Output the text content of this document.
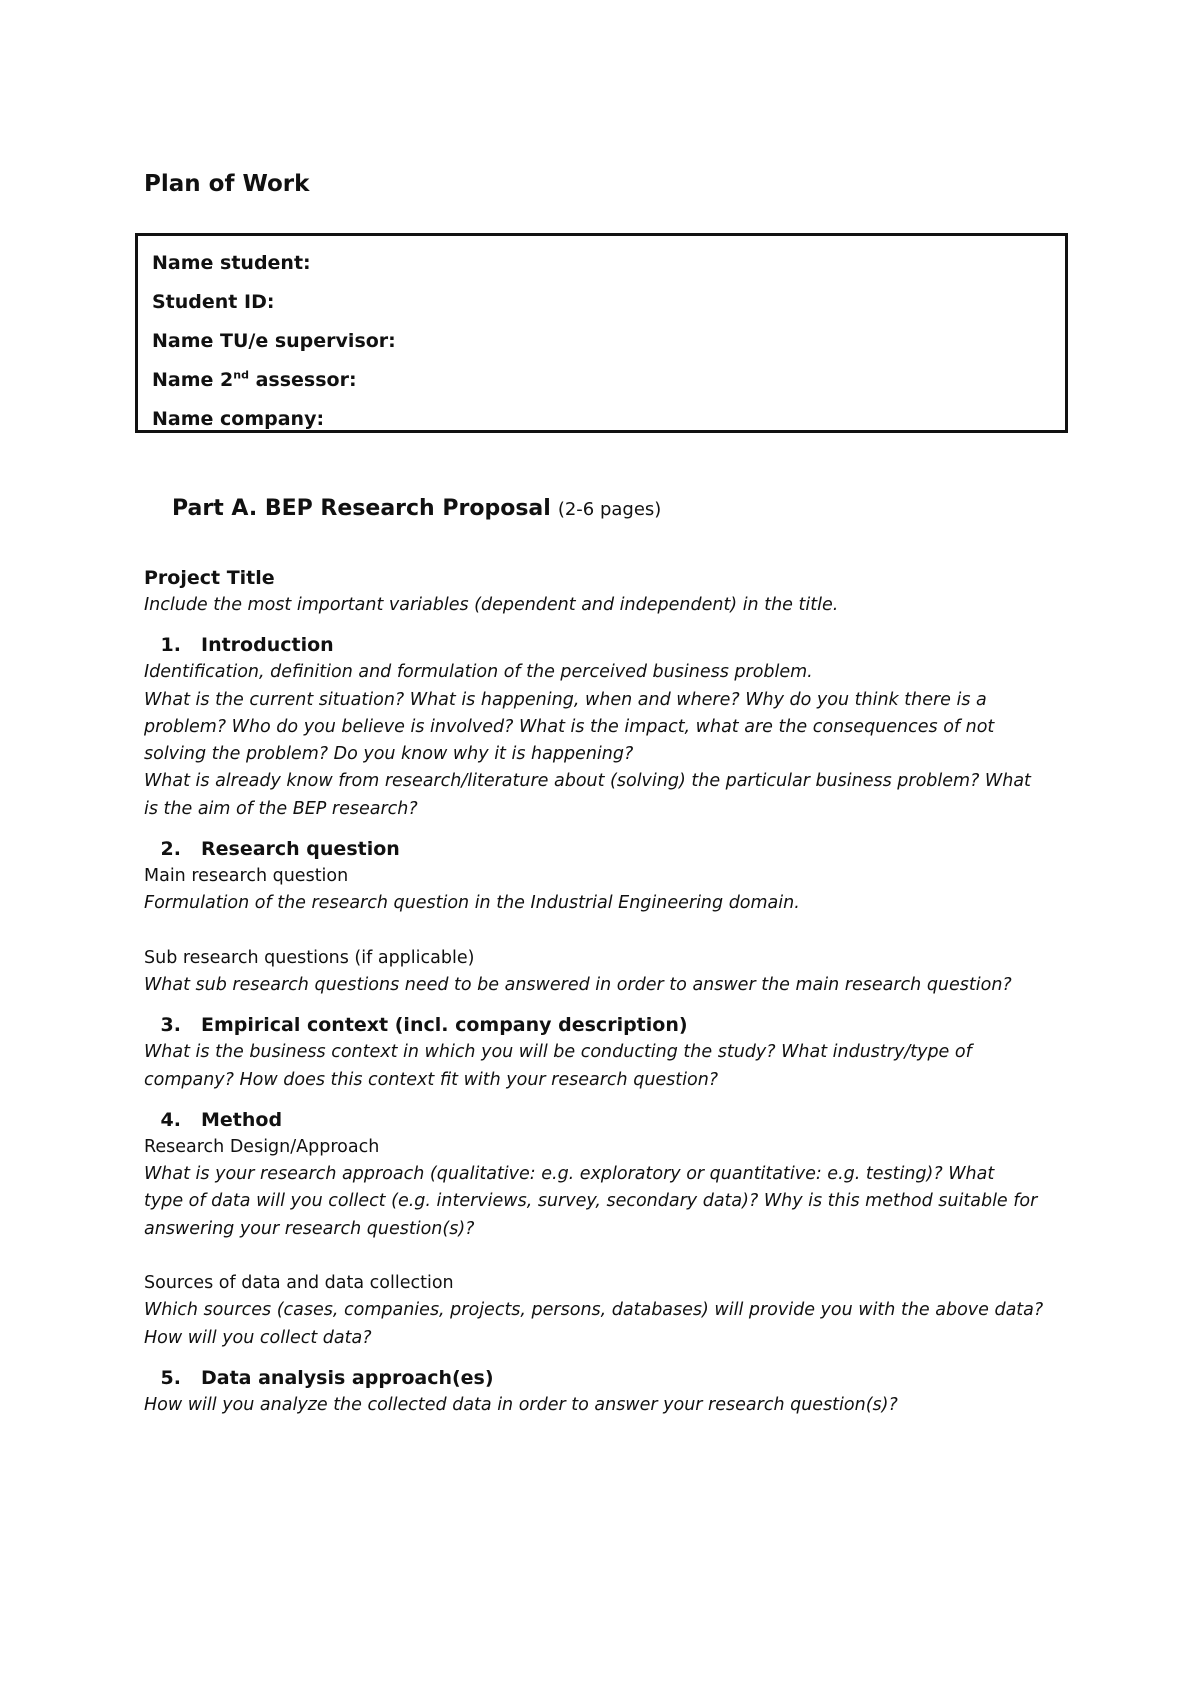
Plan of Work
Name student:
Student ID:
Name TU/e supervisor:
Name 2nd assessor:
Name company:
Part A. BEP Research Proposal (2-6 pages)
Project Title
Include the most important variables (dependent and independent) in the title.
1. Introduction
Identification, definition and formulation of the perceived business problem.
What is the current situation? What is happening, when and where? Why do you think there is a
problem? Who do you believe is involved? What is the impact, what are the consequences of not
solving the problem? Do you know why it is happening?
What is already know from research/literature about (solving) the particular business problem? What
is the aim of the BEP research?
2. Research question
Main research question
Formulation of the research question in the Industrial Engineering domain.
Sub research questions (if applicable)
What sub research questions need to be answered in order to answer the main research question?
3. Empirical context (incl. company description)
What is the business context in which you will be conducting the study? What industry/type of
company? How does this context fit with your research question?
4. Method
Research Design/Approach
What is your research approach (qualitative: e.g. exploratory or quantitative: e.g. testing)? What
type of data will you collect (e.g. interviews, survey, secondary data)? Why is this method suitable for
answering your research question(s)?
Sources of data and data collection
Which sources (cases, companies, projects, persons, databases) will provide you with the above data?
How will you collect data?
5. Data analysis approach(es)
How will you analyze the collected data in order to answer your research question(s)?
